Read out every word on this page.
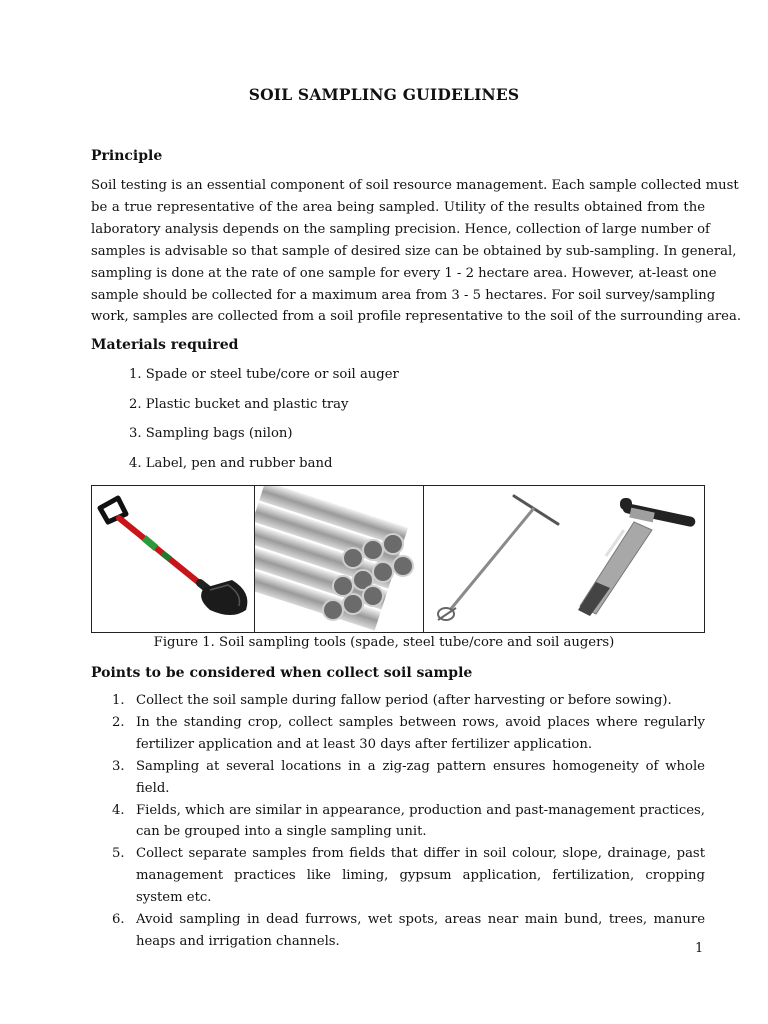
SOIL SAMPLING GUIDELINES
Principle
Soil testing is an essential component of soil resource management. Each sample collected must
be a true representative of the area being sampled. Utility of the results obtained from the
laboratory analysis depends on the sampling precision. Hence, collection of large number of
samples is advisable so that sample of desired size can be obtained by sub-sampling. In general,
sampling is done at the rate of one sample for every 1 - 2 hectare area. However, at-least one
sample should be collected for a maximum area from 3 - 5 hectares. For soil survey/sampling
work, samples are collected from a soil profile representative to the soil of the surrounding area.
Materials required
1. Spade or steel tube/core or soil auger
2. Plastic bucket and plastic tray
3. Sampling bags (nilon)
4. Label, pen and rubber band
Figure 1. Soil sampling tools (spade, steel tube/core and soil augers)
Points to be considered when collect soil sample
1. Collect the soil sample during fallow period (after harvesting or before sowing).
2. In the standing crop, collect samples between rows, avoid places where regularly fertilizer application and at least 30 days after fertilizer application.
3. Sampling at several locations in a zig-zag pattern ensures homogeneity of whole field.
4. Fields, which are similar in appearance, production and past-management practices, can be grouped into a single sampling unit.
5. Collect separate samples from fields that differ in soil colour, slope, drainage, past management practices like liming, gypsum application, fertilization, cropping system etc.
6. Avoid sampling in dead furrows, wet spots, areas near main bund, trees, manure heaps and irrigation channels.	1
